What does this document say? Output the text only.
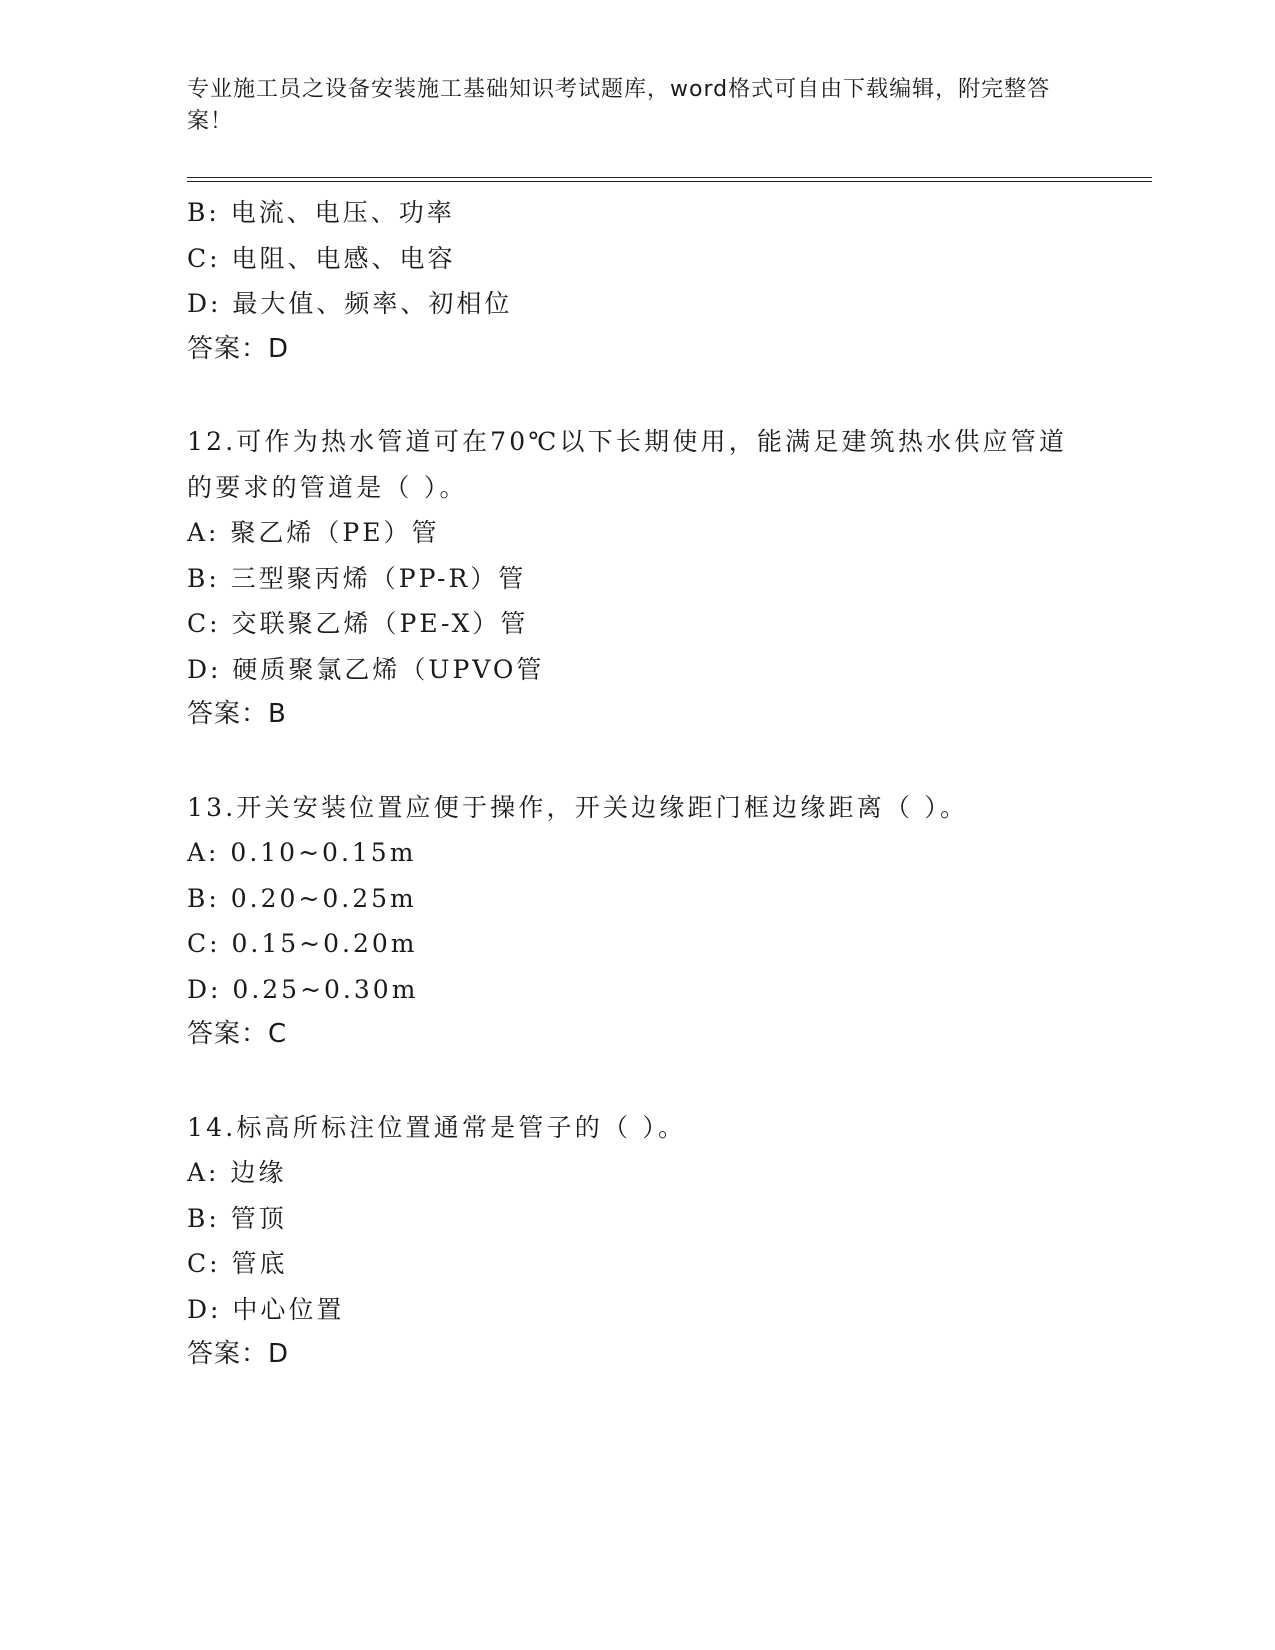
专业施工员之设备安装施工基础知识考试题库，word格式可自由下载编辑，附完整答案！
B: 电流、电压、功率
C: 电阻、电感、电容
D: 最大值、频率、初相位
答案：D
12.可作为热水管道可在70℃以下长期使用，能满足建筑热水供应管道
的要求的管道是（ ）。
A: 聚乙烯（PE）管
B: 三型聚丙烯（PP-R）管
C: 交联聚乙烯（PE-X）管
D: 硬质聚氯乙烯（UPVO管
答案：B
13.开关安装位置应便于操作，开关边缘距门框边缘距离（ ）。
A: 0.10~0.15m
B: 0.20~0.25m
C: 0.15~0.20m
D: 0.25~0.30m
答案：C
14.标高所标注位置通常是管子的（ ）。
A: 边缘
B: 管顶
C: 管底
D: 中心位置
答案：D
